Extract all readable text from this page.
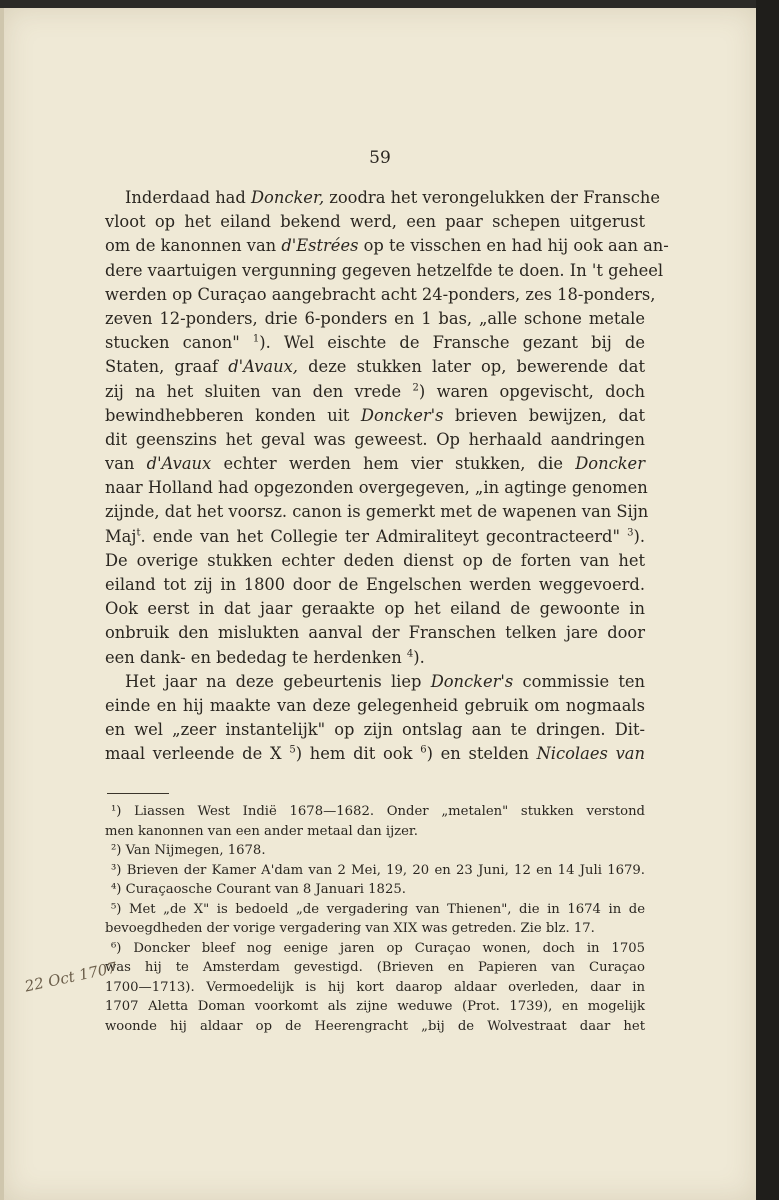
59
Inderdaad had Doncker, zoodra het verongelukken der Fransche
vloot op het eiland bekend werd, een paar schepen uitgerust
om de kanonnen van d'Estrées op te visschen en had hij ook aan an-
dere vaartuigen vergunning gegeven hetzelfde te doen. In 't geheel
werden op Curaçao aangebracht acht 24-ponders, zes 18-ponders,
zeven 12-ponders, drie 6-ponders en 1 bas, „alle schone metale
stucken canon" $^1$). Wel eischte de Fransche gezant bij de
Staten, graaf d'Avaux, deze stukken later op, bewerende dat
zij na het sluiten van den vrede $^2$) waren opgevischt, doch
bewindhebberen konden uit Doncker's brieven bewijzen, dat
dit geenszins het geval was geweest. Op herhaald aandringen
van d'Avaux echter werden hem vier stukken, die Doncker
naar Holland had opgezonden overgegeven, „in agtinge genomen
zijnde, dat het voorsz. canon is gemerkt met de wapenen van Sijn
Maj$^t$. ende van het Collegie ter Admiraliteyt gecontracteerd" $^3$).
De overige stukken echter deden dienst op de forten van het
eiland tot zij in 1800 door de Engelschen werden weggevoerd.
Ook eerst in dat jaar geraakte op het eiland de gewoonte in
onbruik den mislukten aanval der Franschen telken jare door
een dank- en bededag te herdenken $^4$).
Het jaar na deze gebeurtenis liep Doncker's commissie ten
einde en hij maakte van deze gelegenheid gebruik om nogmaals
en wel „zeer instantelijk" op zijn ontslag aan te dringen. Dit-
maal verleende de X $^5$) hem dit ook $^6$) en stelden Nicolaes van
¹) Liassen West Indië 1678—1682. Onder „metalen" stukken verstond
men kanonnen van een ander metaal dan ijzer.
²) Van Nijmegen, 1678.
³) Brieven der Kamer A'dam van 2 Mei, 19, 20 en 23 Juni, 12 en 14 Juli 1679.
⁴) Curaçaosche Courant van 8 Januari 1825.
⁵) Met „de X" is bedoeld „de vergadering van Thienen", die in 1674 in de
bevoegdheden der vorige vergadering van XIX was getreden. Zie blz. 17.
⁶) Doncker bleef nog eenige jaren op Curaçao wonen, doch in 1705
was hij te Amsterdam gevestigd. (Brieven en Papieren van Curaçao
1700—1713). Vermoedelijk is hij kort daarop aldaar overleden, daar in
1707 Aletta Doman voorkomt als zijne weduwe (Prot. 1739), en mogelijk
woonde hij aldaar op de Heerengracht „bij de Wolvestraat daar het
22 Oct 1707
